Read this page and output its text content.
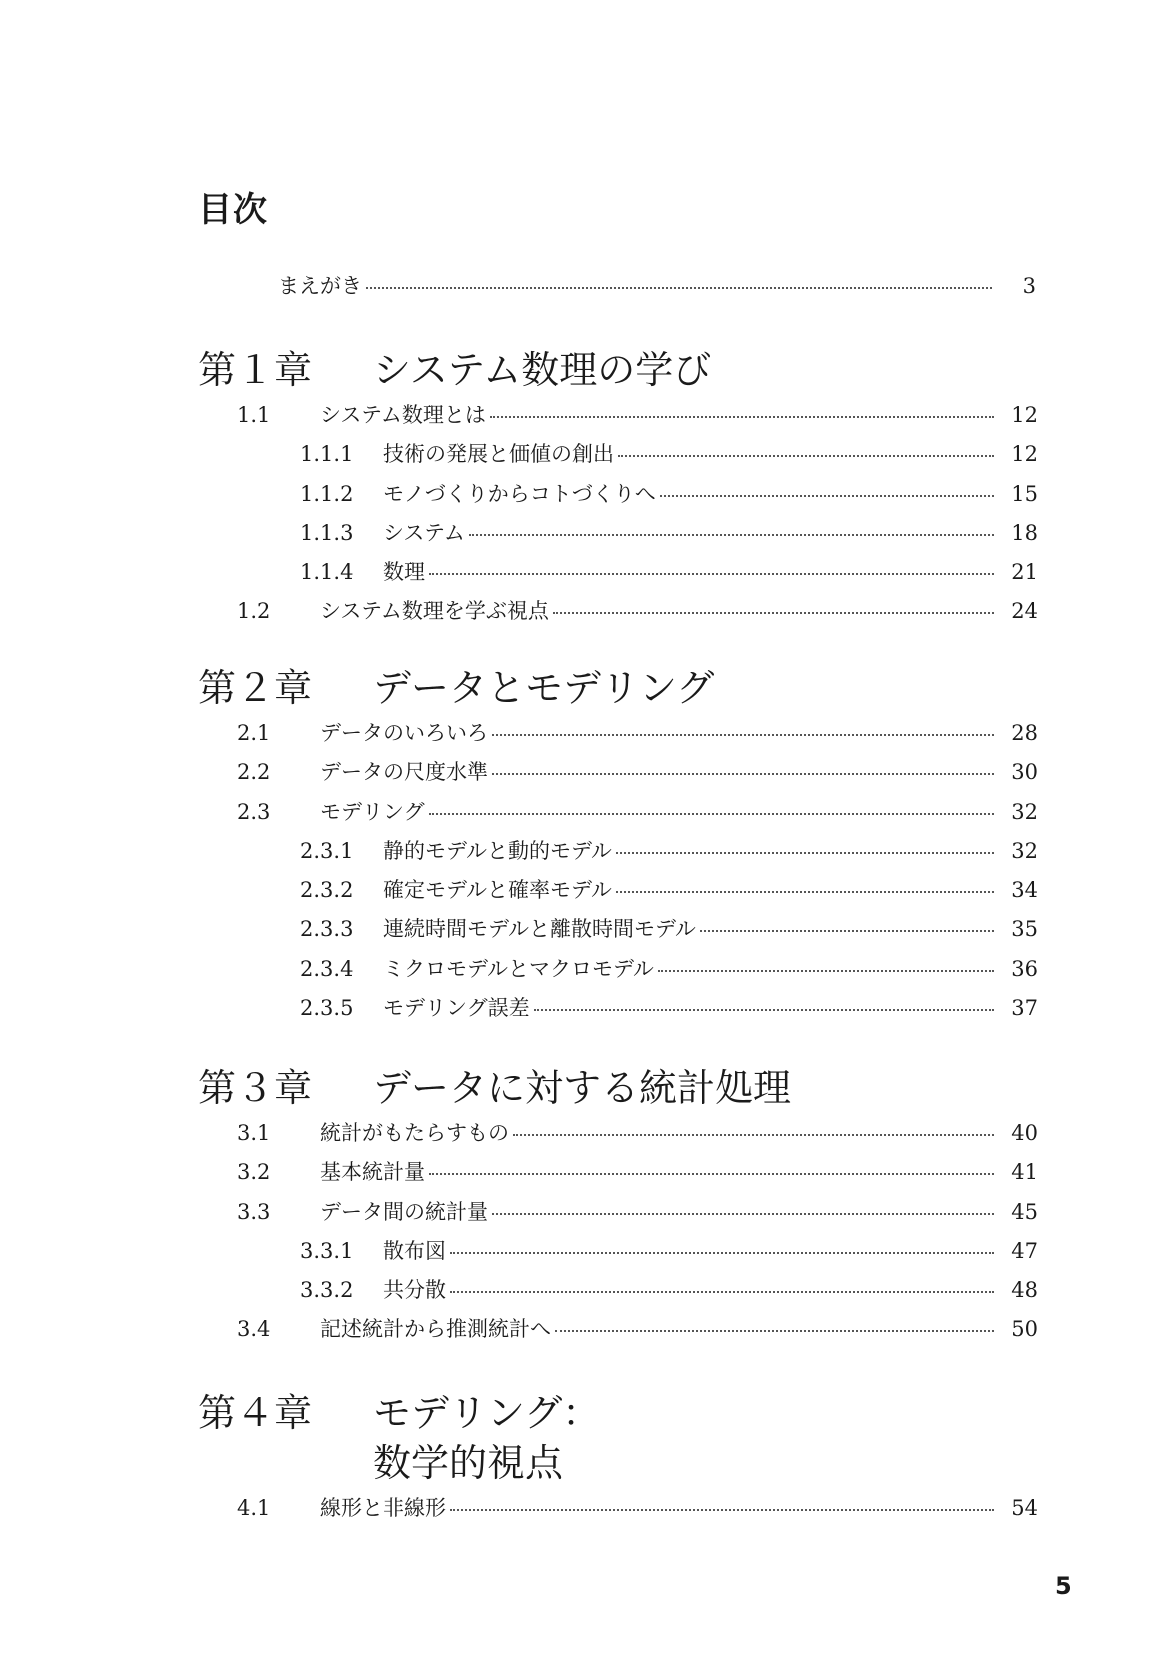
目次
まえがき	3
第１章	システム数理の学び
1.1	システム数理とは	12
1.1.1	技術の発展と価値の創出	12
1.1.2	モノづくりからコトづくりへ	15
1.1.3	システム	18
1.1.4	数理	21
1.2	システム数理を学ぶ視点	24
第２章	データとモデリング
2.1	データのいろいろ	28
2.2	データの尺度水準	30
2.3	モデリング	32
2.3.1	静的モデルと動的モデル	32
2.3.2	確定モデルと確率モデル	34
2.3.3	連続時間モデルと離散時間モデル	35
2.3.4	ミクロモデルとマクロモデル	36
2.3.5	モデリング誤差	37
第３章	データに対する統計処理
3.1	統計がもたらすもの	40
3.2	基本統計量	41
3.3	データ間の統計量	45
3.3.1	散布図	47
3.3.2	共分散	48
3.4	記述統計から推測統計へ	50
第４章	モデリング：
数学的視点
4.1	線形と非線形	54
5
